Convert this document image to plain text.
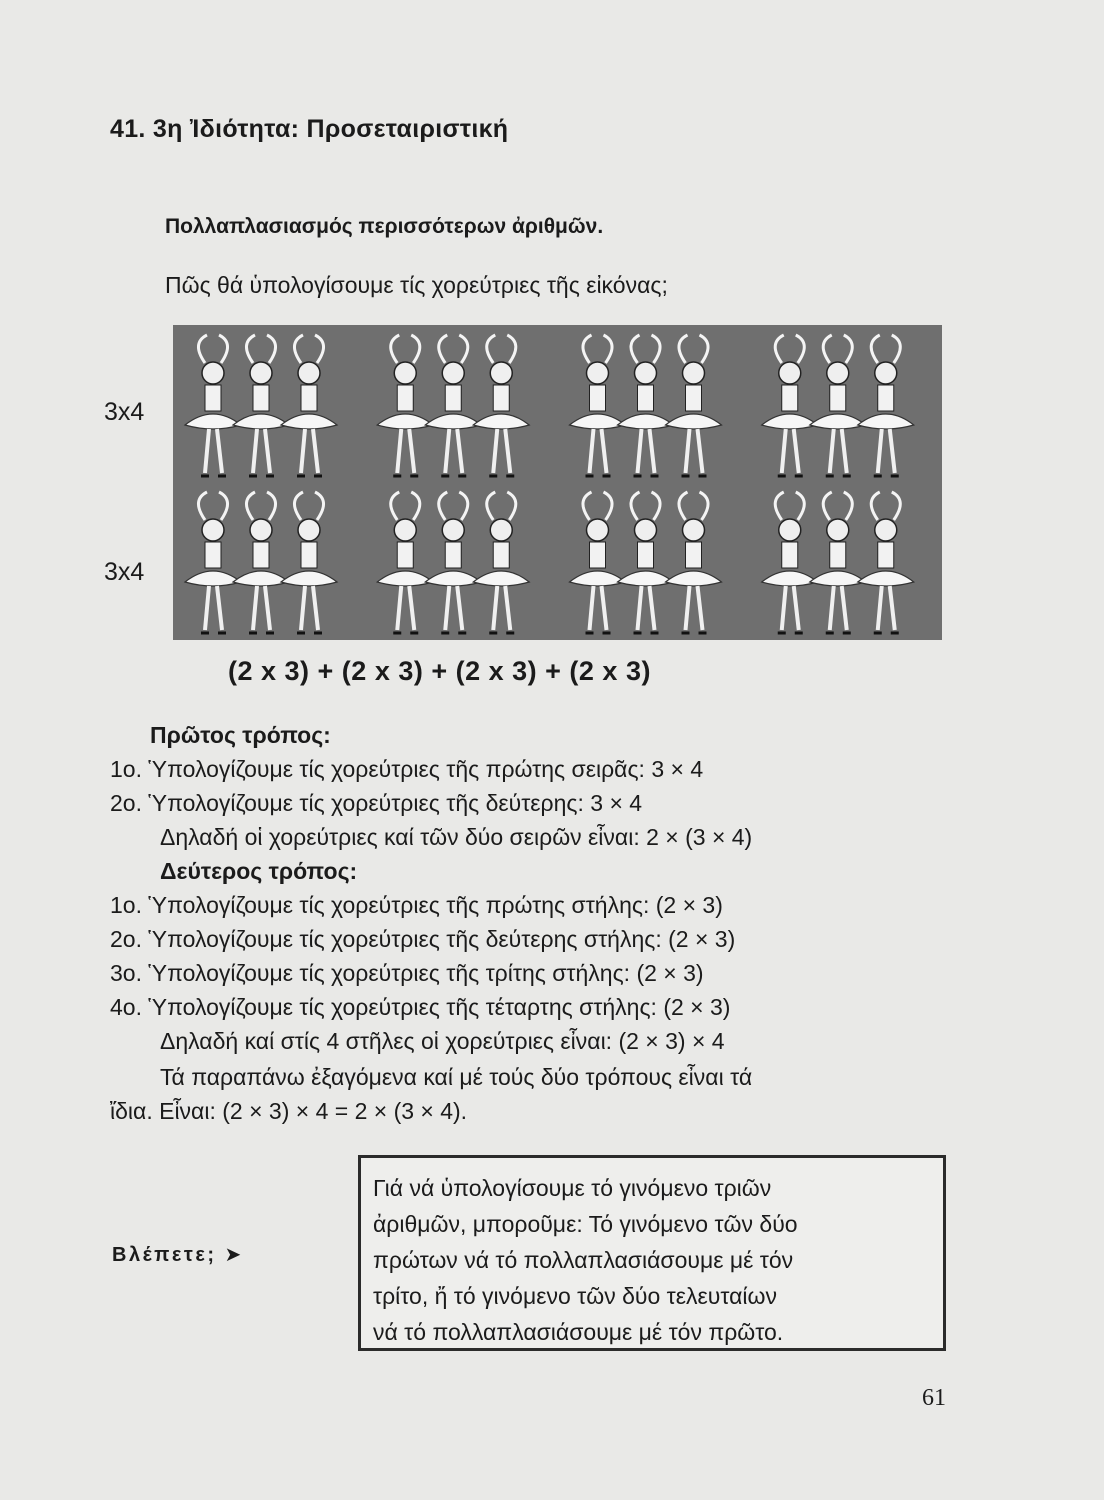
41. 3η Ἰδιότητα: Προσεταιριστική
Πολλαπλασιασμός περισσότερων ἀριθμῶν.
Πῶς θά ὑπολογίσουμε τίς χορεύτριες τῆς εἰκόνας;
3x4
3x4
(2 x 3) + (2 x 3) + (2 x 3) + (2 x 3)
Πρῶτος τρόπος:
1ο. Ὑπολογίζουμε τίς χορεύτριες τῆς πρώτης σειρᾶς: 3 × 4
2ο. Ὑπολογίζουμε τίς χορεύτριες τῆς δεύτερης: 3 × 4
Δηλαδή οἱ χορεύτριες καί τῶν δύο σειρῶν εἶναι: 2 × (3 × 4)
Δεύτερος τρόπος:
1ο. Ὑπολογίζουμε τίς χορεύτριες τῆς πρώτης στήλης: (2 × 3)
2ο. Ὑπολογίζουμε τίς χορεύτριες τῆς δεύτερης στήλης: (2 × 3)
3ο. Ὑπολογίζουμε τίς χορεύτριες τῆς τρίτης στήλης: (2 × 3)
4ο. Ὑπολογίζουμε τίς χορεύτριες τῆς τέταρτης στήλης: (2 × 3)
Δηλαδή καί στίς 4 στῆλες οἱ χορεύτριες εἶναι: (2 × 3) × 4
Τά παραπάνω ἐξαγόμενα καί μέ τούς δύο τρόπους εἶναι τά
ἴδια. Εἶναι: (2 × 3) × 4 = 2 × (3 × 4).
Βλέπετε; ➤
Γιά νά ὑπολογίσουμε τό γινόμενο τριῶν
ἀριθμῶν, μποροῦμε: Τό γινόμενο τῶν δύο
πρώτων νά τό πολλαπλασιάσουμε μέ τόν
τρίτο, ἤ τό γινόμενο τῶν δύο τελευταίων
νά τό πολλαπλασιάσουμε μέ τόν πρῶτο.
61
